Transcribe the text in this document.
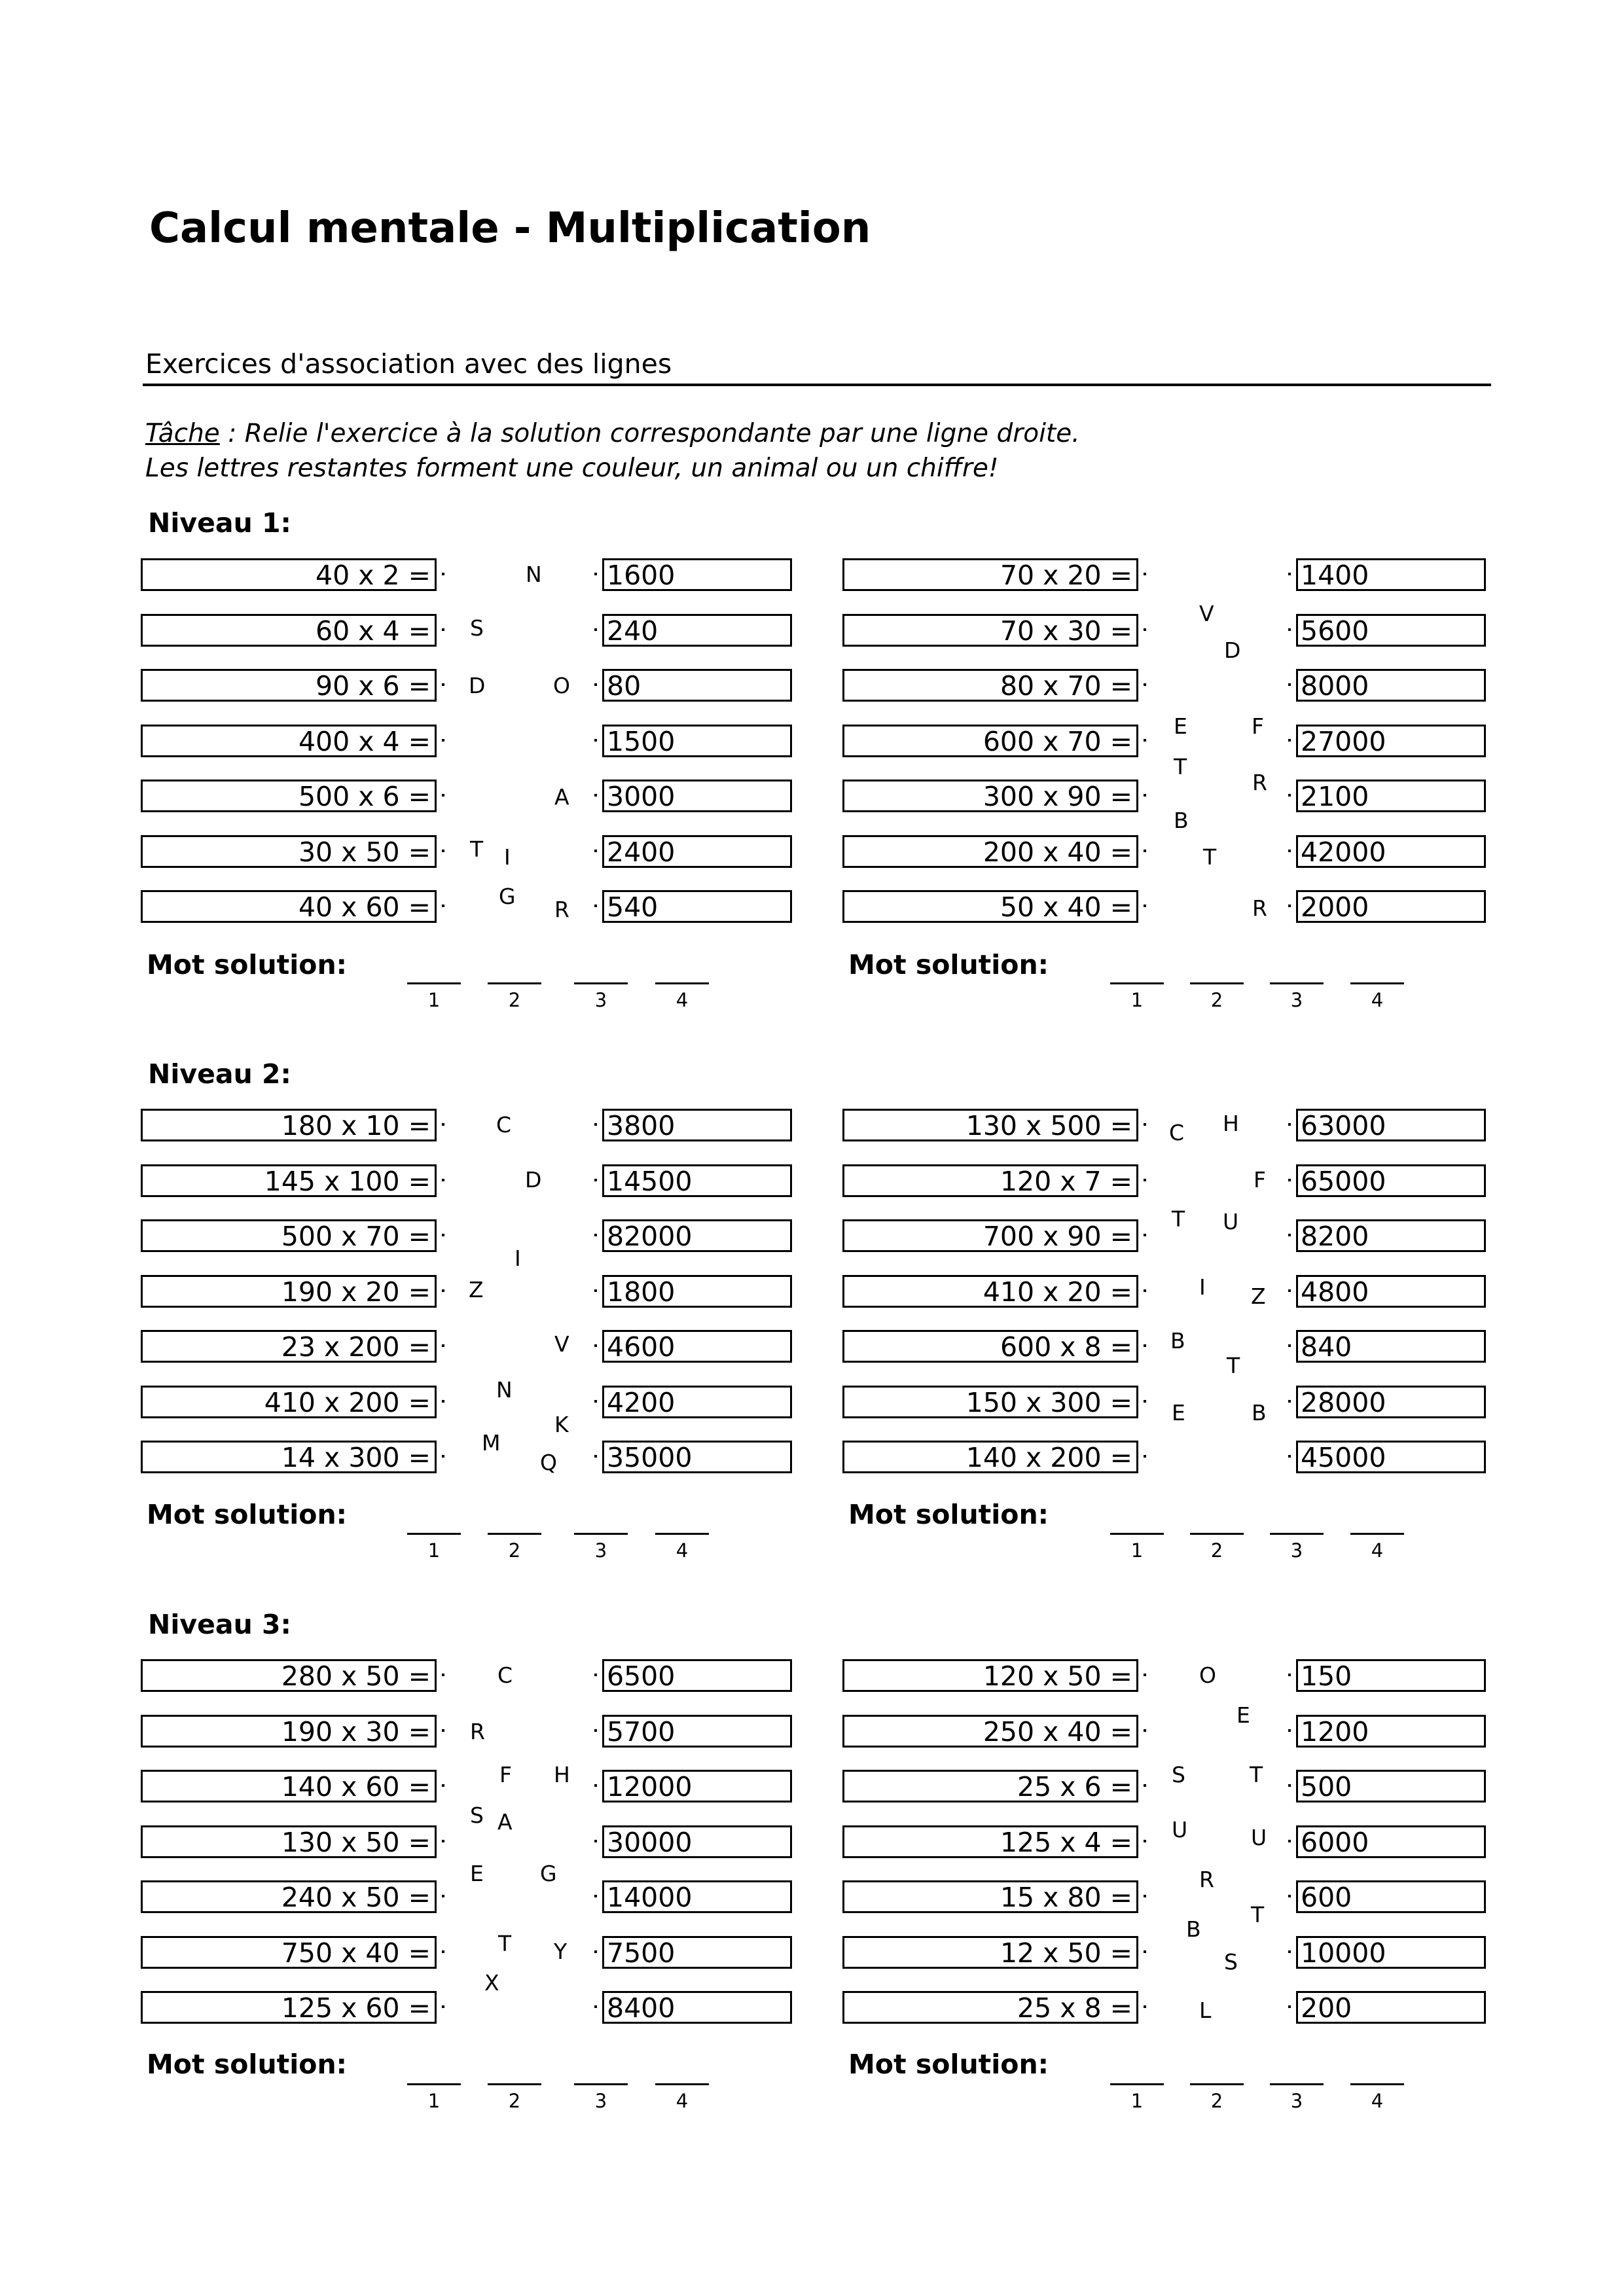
Calcul mentale - Multiplication
Exercices d'association avec des lignes
Tâche : Relie l'exercice à la solution correspondante par une ligne droite.
Les lettres restantes forment une couleur, un animal ou un chiffre!
Niveau 1:
40 x 2 =	1600
60 x 4 =	240
90 x 6 =	80
400 x 4 =	1500
500 x 6 =	3000
30 x 50 =	2400
40 x 60 =	540
N
S
D	O
A
T I
G
R
Mot solution:
1	2	3	4
70 x 20 =	1400
70 x 30 =	5600
80 x 70 =	8000
600 x 70 =	27000
300 x 90 =	2100
200 x 40 =	42000
50 x 40 =	2000
V
D
E	F
T
R
B
T
R
Mot solution:
1	2	3	4
Niveau 2:
180 x 10 =	3800
145 x 100 =	14500
500 x 70 =	82000
190 x 20 =	1800
23 x 200 =	4600
410 x 200 =	4200
14 x 300 =	35000
C
D
I
Z
V
N
K
M
Q
Mot solution:
1	2	3	4
130 x 500 =	63000
120 x 7 =	65000
700 x 90 =	8200
410 x 20 =	4800
600 x 8 =	840
150 x 300 =	28000
140 x 200 =	45000
C H
F
T U
I Z
B
T
E	B
Mot solution:
1	2	3	4
Niveau 3:
280 x 50 =	6500
190 x 30 =	5700
140 x 60 =	12000
130 x 50 =	30000
240 x 50 =	14000
750 x 40 =	7500
125 x 60 =	8400
C
R
F H
S A
E	G
T Y
X
Mot solution:
1	2	3	4
120 x 50 =	150
250 x 40 =	1200
25 x 6 =	500
125 x 4 =	6000
15 x 80 =	600
12 x 50 =	10000
25 x 8 =	200
O
E
S	T
U	U
R
T
B
S
L
Mot solution:
1	2	3	4
